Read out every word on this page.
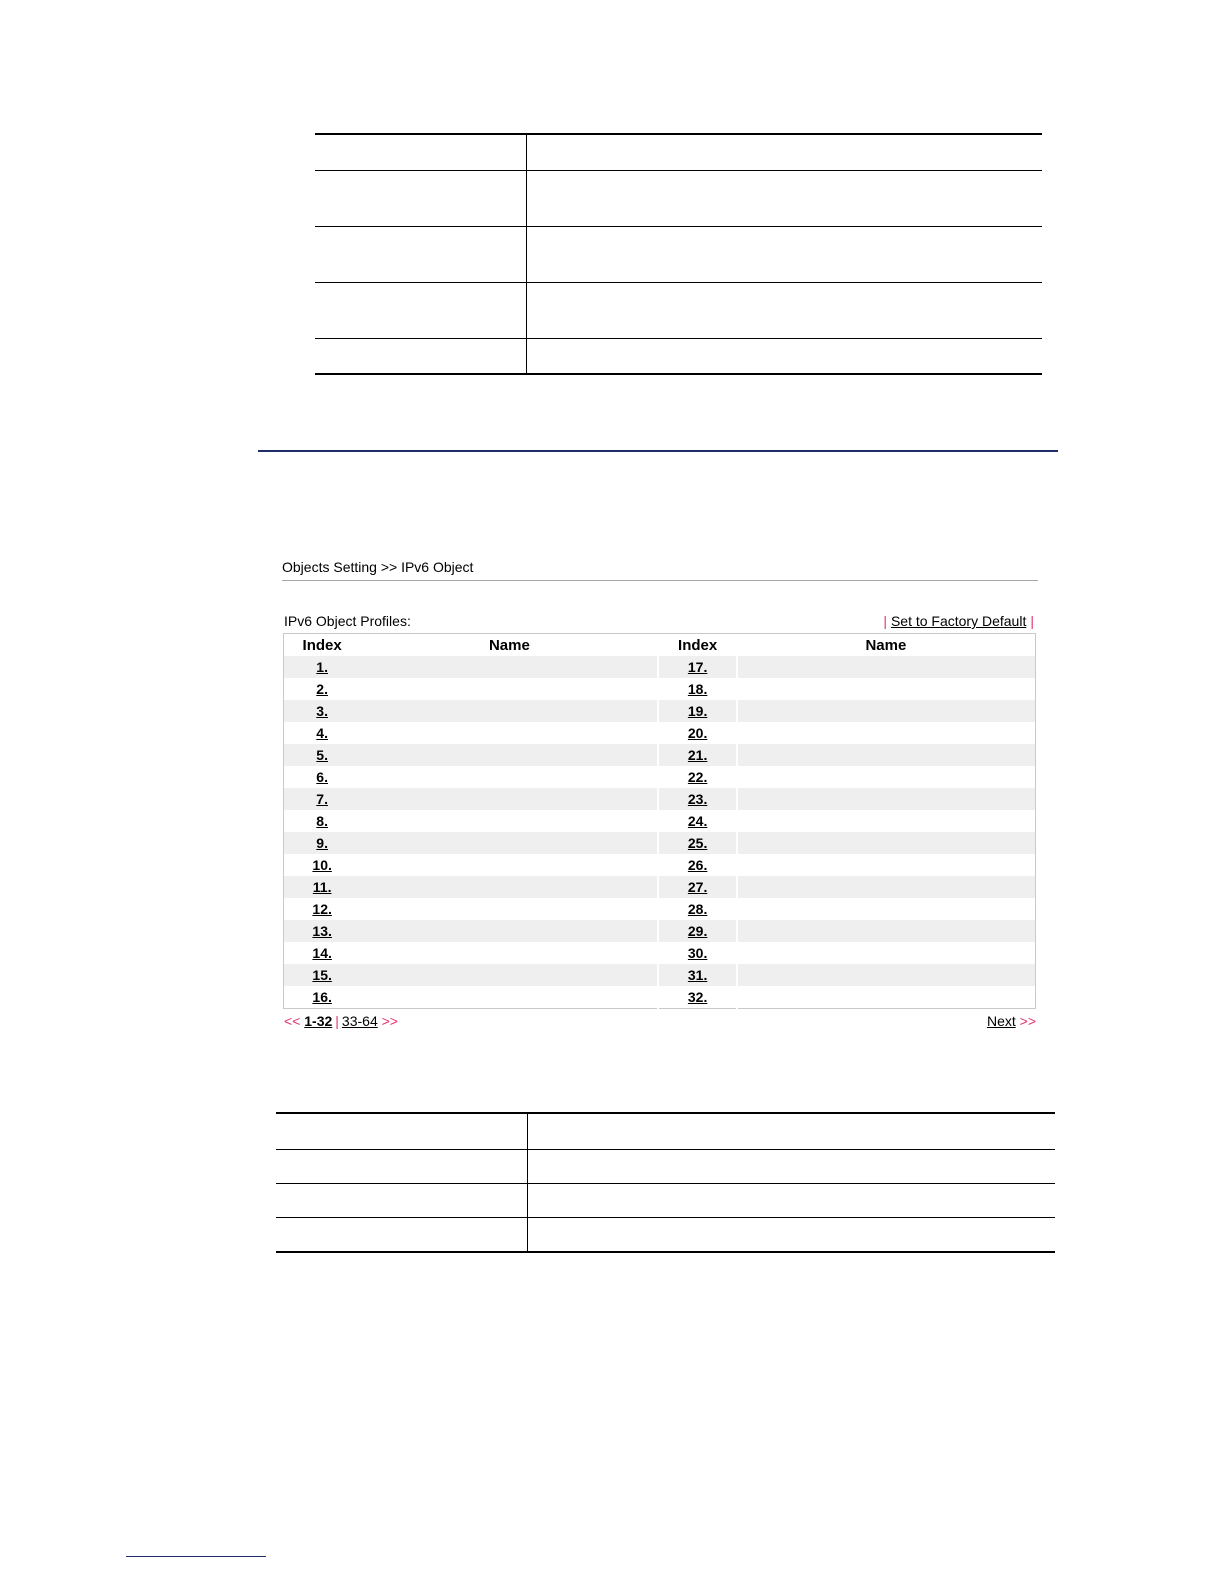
Objects Setting >> IPv6 Object
IPv6 Object Profiles:	| Set to Factory Default |
Index	Name	Index	Name
1.		17.	
2.		18.	
3.		19.	
4.		20.	
5.		21.	
6.		22.	
7.		23.	
8.		24.	
9.		25.	
10.		26.	
11.		27.	
12.		28.	
13.		29.	
14.		30.	
15.		31.	
16.		32.	
<< 1-32 | 33-64 >>	Next >>
